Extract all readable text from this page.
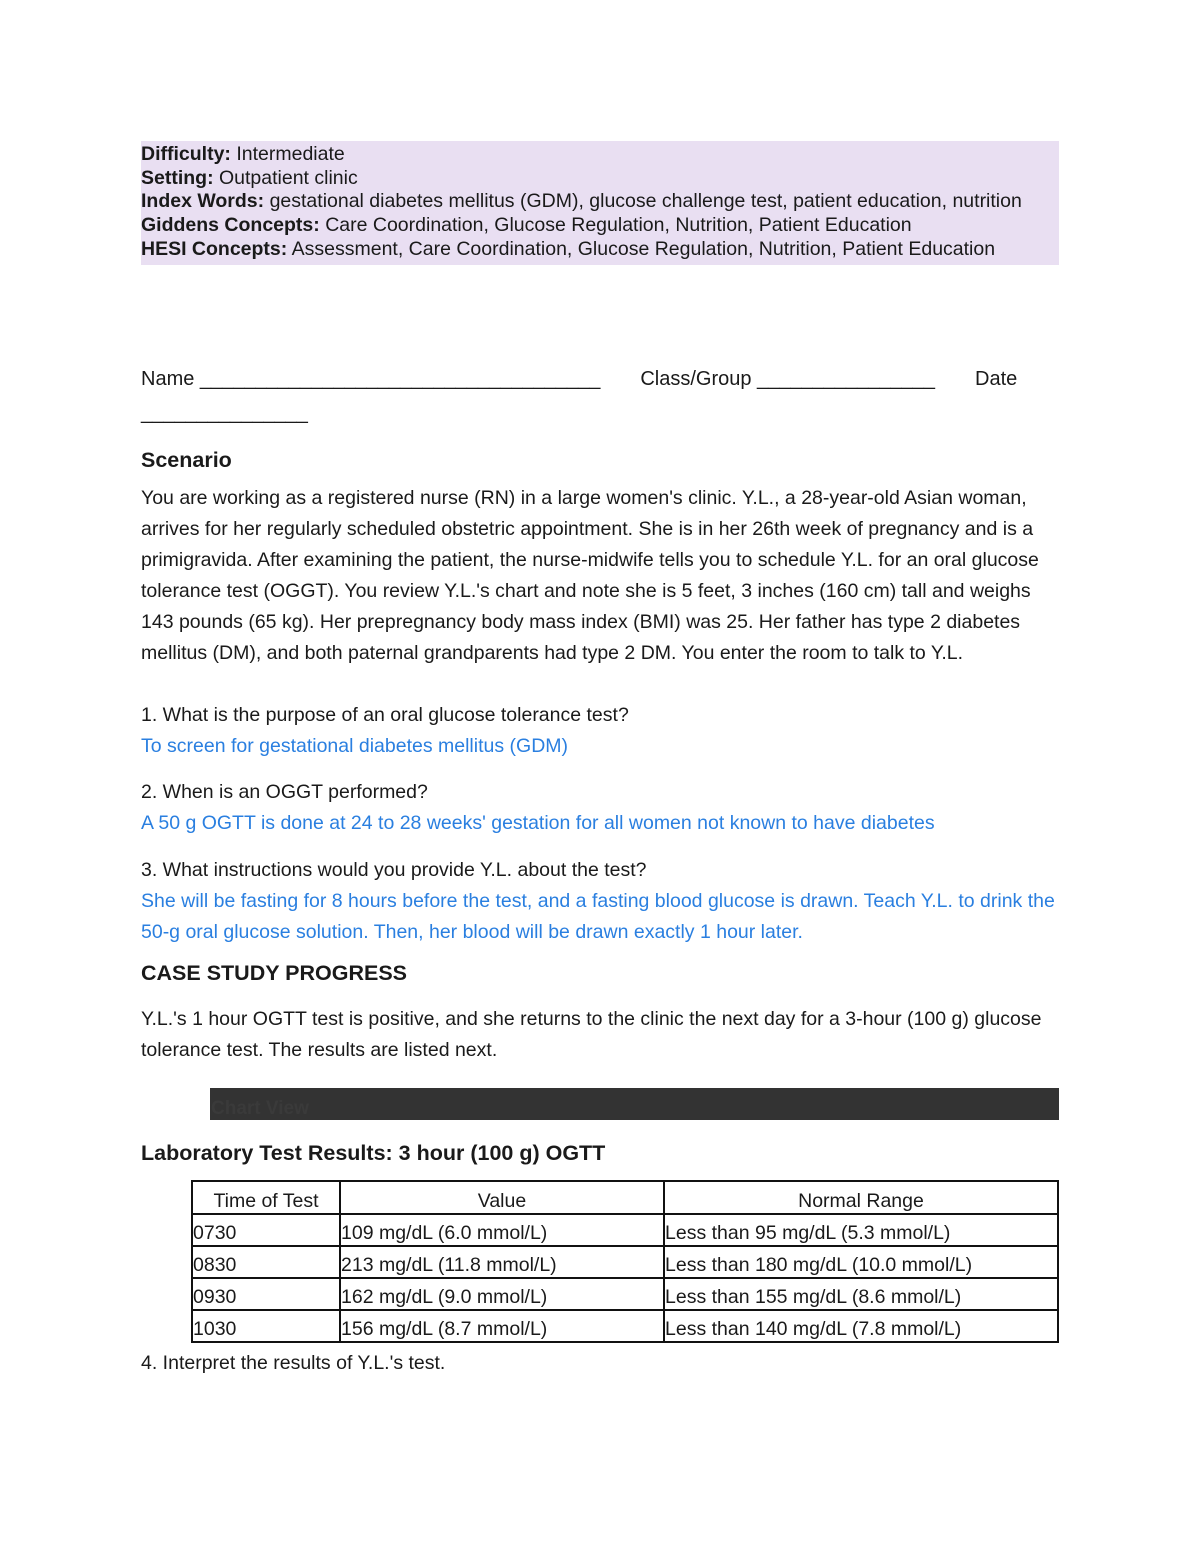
Difficulty: Intermediate
Setting: Outpatient clinic
Index Words: gestational diabetes mellitus (GDM), glucose challenge test, patient education, nutrition
Giddens Concepts: Care Coordination, Glucose Regulation, Nutrition, Patient Education
HESI Concepts: Assessment, Care Coordination, Glucose Regulation, Nutrition, Patient Education
Name ____________________________________ Class/Group ________________ Date
_______________
Scenario
You are working as a registered nurse (RN) in a large women's clinic. Y.L., a 28-year-old Asian woman, arrives for her regularly scheduled obstetric appointment. She is in her 26th week of pregnancy and is a primigravida. After examining the patient, the nurse-midwife tells you to schedule Y.L. for an oral glucose tolerance test (OGGT). You review Y.L.'s chart and note she is 5 feet, 3 inches (160 cm) tall and weighs 143 pounds (65 kg). Her prepregnancy body mass index (BMI) was 25. Her father has type 2 diabetes mellitus (DM), and both paternal grandparents had type 2 DM. You enter the room to talk to Y.L.
1. What is the purpose of an oral glucose tolerance test?
To screen for gestational diabetes mellitus (GDM)
2. When is an OGGT performed?
A 50 g OGTT is done at 24 to 28 weeks' gestation for all women not known to have diabetes
3. What instructions would you provide Y.L. about the test?
She will be fasting for 8 hours before the test, and a fasting blood glucose is drawn. Teach Y.L. to drink the 50-g oral glucose solution. Then, her blood will be drawn exactly 1 hour later.
CASE STUDY PROGRESS
Y.L.'s 1 hour OGTT test is positive, and she returns to the clinic the next day for a 3-hour (100 g) glucose tolerance test. The results are listed next.
Chart View
Laboratory Test Results: 3 hour (100 g) OGTT
Time of Test	Value	Normal Range
0730	109 mg/dL (6.0 mmol/L)	Less than 95 mg/dL (5.3 mmol/L)
0830	213 mg/dL (11.8 mmol/L)	Less than 180 mg/dL (10.0 mmol/L)
0930	162 mg/dL (9.0 mmol/L)	Less than 155 mg/dL (8.6 mmol/L)
1030	156 mg/dL (8.7 mmol/L)	Less than 140 mg/dL (7.8 mmol/L)
4. Interpret the results of Y.L.'s test.
